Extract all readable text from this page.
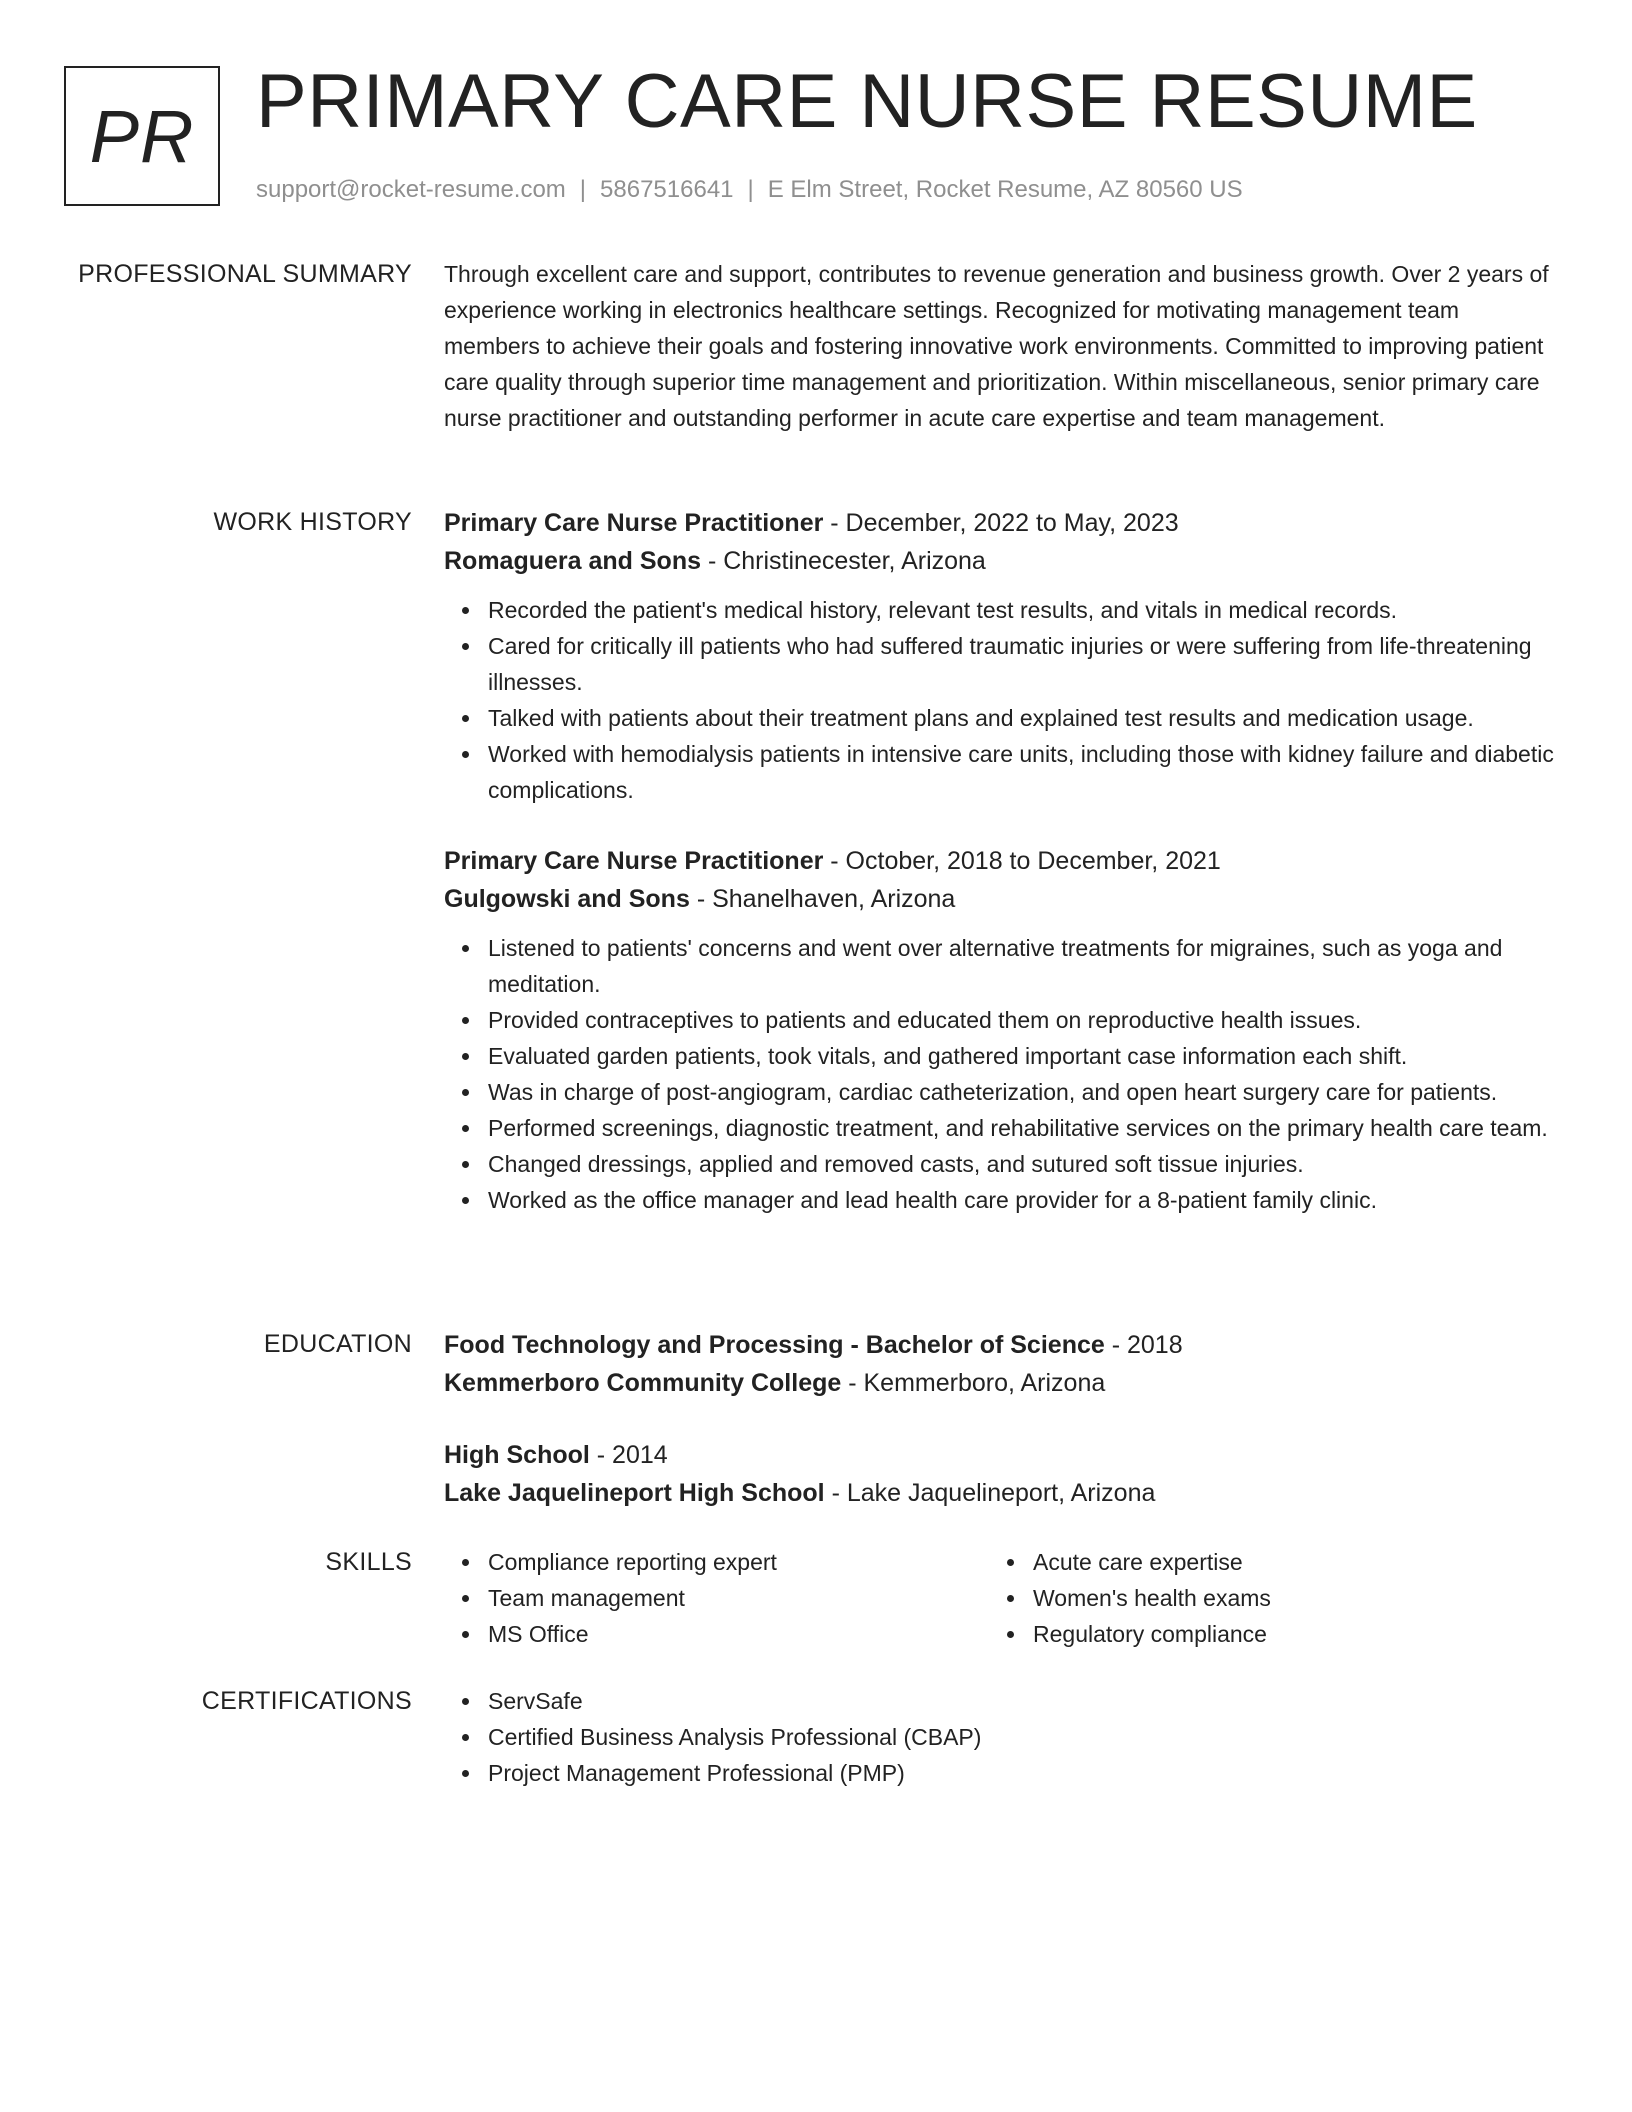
PR PRIMARY CARE NURSE RESUME
support@rocket-resume.com | 5867516641 | E Elm Street, Rocket Resume, AZ 80560 US
PROFESSIONAL SUMMARY Through excellent care and support, contributes to revenue generation and business growth. Over 2 years of experience working in electronics healthcare settings. Recognized for motivating management team members to achieve their goals and fostering innovative work environments. Committed to improving patient care quality through superior time management and prioritization. Within miscellaneous, senior primary care nurse practitioner and outstanding performer in acute care expertise and team management.

WORK HISTORY Primary Care Nurse Practitioner - December, 2022 to May, 2023
Romaguera and Sons - Christinecester, Arizona
Recorded the patient's medical history, relevant test results, and vitals in medical records.
Cared for critically ill patients who had suffered traumatic injuries or were suffering from life-threatening illnesses.
Talked with patients about their treatment plans and explained test results and medication usage.
Worked with hemodialysis patients in intensive care units, including those with kidney failure and diabetic complications.
Primary Care Nurse Practitioner - October, 2018 to December, 2021
Gulgowski and Sons - Shanelhaven, Arizona
Listened to patients' concerns and went over alternative treatments for migraines, such as yoga and meditation.
Provided contraceptives to patients and educated them on reproductive health issues.
Evaluated garden patients, took vitals, and gathered important case information each shift.
Was in charge of post-angiogram, cardiac catheterization, and open heart surgery care for patients.
Performed screenings, diagnostic treatment, and rehabilitative services on the primary health care team.
Changed dressings, applied and removed casts, and sutured soft tissue injuries.
Worked as the office manager and lead health care provider for a 8-patient family clinic.
EDUCATION Food Technology and Processing - Bachelor of Science - 2018
Kemmerboro Community College - Kemmerboro, Arizona
High School - 2014
Lake Jaquelineport High School - Lake Jaquelineport, Arizona
SKILLS	Compliance reporting expert
Team management
MS Office
Acute care expertise
Women's health exams
Regulatory compliance
CERTIFICATIONS	ServSafe
Certified Business Analysis Professional (CBAP)
Project Management Professional (PMP)
